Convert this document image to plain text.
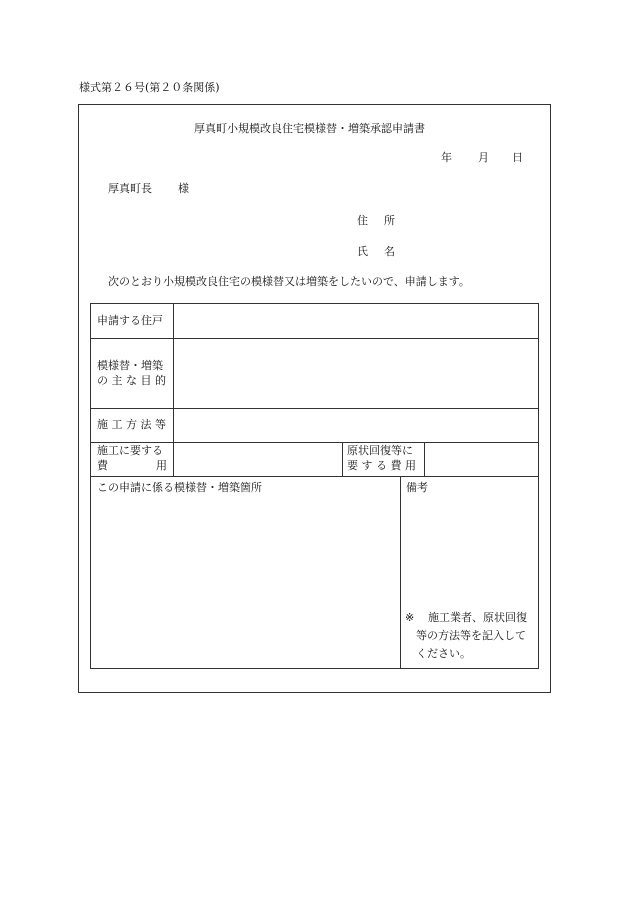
様式第２６号(第２０条関係)
厚真町小規模改良住宅模様替・増築承認申請書
年 月 日
厚真町長 様
住 所
氏 名
次のとおり小規模改良住宅の模様替又は増築をしたいので、申請します。
申請する住戸
模様替・増築
の 主 な 目 的
施 工 方 法 等
施工に要する
費	用
原状回復等に
要 す る 費 用
この申請に係る模様替・増築箇所	備考
※ 施工業者、原状回復
等の方法等を記入して
ください。
